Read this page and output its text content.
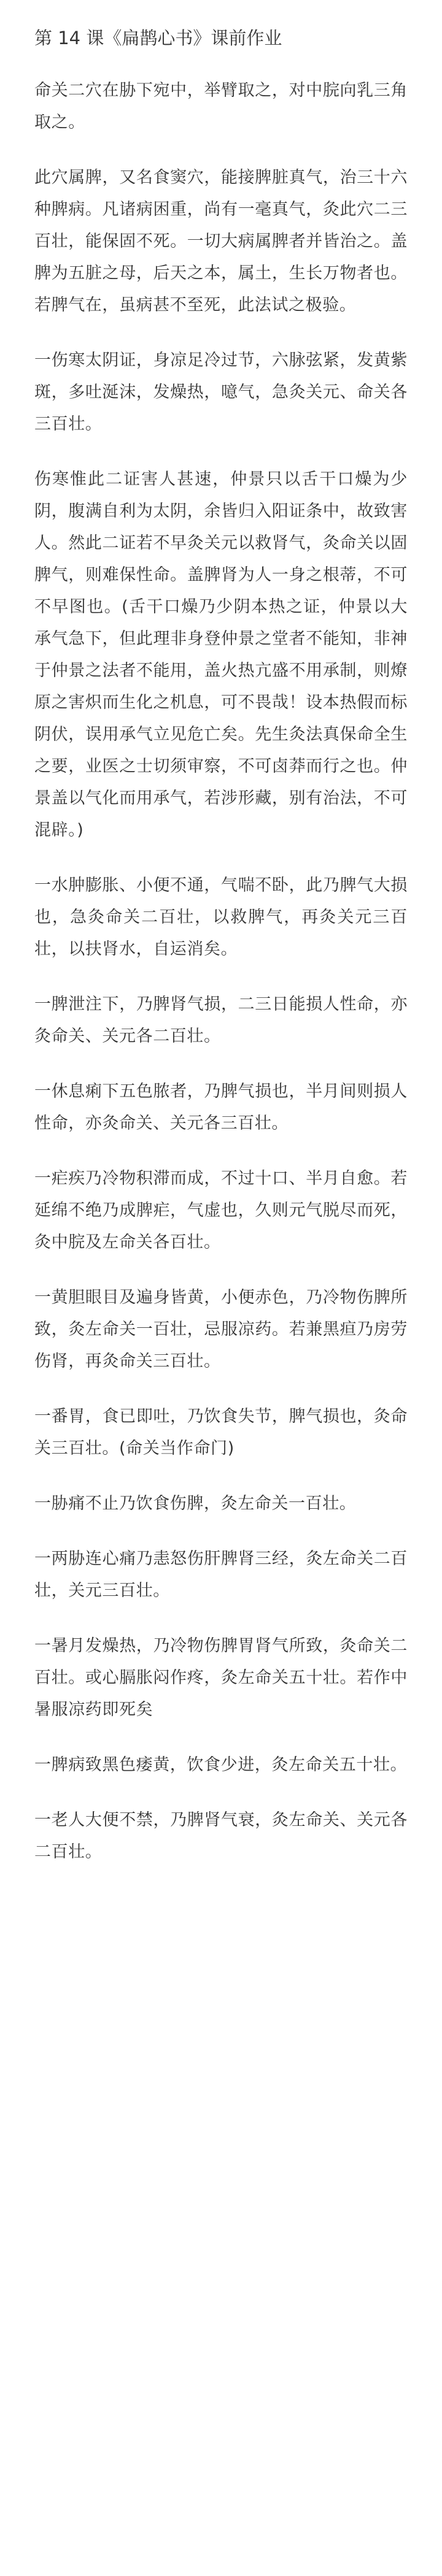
第 14 课《扁鹊心书》课前作业

命关二穴在胁下宛中，举臂取之，对中脘向乳三角取之。

此穴属脾，又名食窦穴，能接脾脏真气，治三十六种脾病。凡诸病困重，尚有一毫真气，灸此穴二三百壮，能保固不死。一切大病属脾者并皆治之。盖脾为五脏之母，后天之本，属土，生长万物者也。若脾气在，虽病甚不至死，此法试之极验。

一伤寒太阴证，身凉足冷过节，六脉弦紧，发黄紫斑，多吐涎沫，发燥热，噫气，急灸关元、命关各三百壮。

伤寒惟此二证害人甚速，仲景只以舌干口燥为少阴，腹满自利为太阴，余皆归入阳证条中，故致害人。然此二证若不早灸关元以救肾气，灸命关以固脾气，则难保性命。盖脾肾为人一身之根蒂，不可不早图也。(舌干口燥乃少阴本热之证，仲景以大承气急下，但此理非身登仲景之堂者不能知，非神于仲景之法者不能用，盖火热亢盛不用承制，则燎原之害炽而生化之机息，可不畏哉！设本热假而标阴伏，误用承气立见危亡矣。先生灸法真保命全生之要，业医之士切须审察，不可卤莽而行之也。仲景盖以气化而用承气，若涉形藏，别有治法，不可混辟。)

一水肿膨胀、小便不通，气喘不卧，此乃脾气大损也，急灸命关二百壮，以救脾气，再灸关元三百壮，以扶肾水，自运消矣。

一脾泄注下，乃脾肾气损，二三日能损人性命，亦灸命关、关元各二百壮。

一休息痢下五色脓者，乃脾气损也，半月间则损人性命，亦灸命关、关元各三百壮。

一疟疾乃冷物积滞而成，不过十口、半月自愈。若延绵不绝乃成脾疟，气虚也，久则元气脱尽而死，灸中脘及左命关各百壮。

一黄胆眼目及遍身皆黄，小便赤色，乃冷物伤脾所致，灸左命关一百壮，忌服凉药。若兼黑疸乃房劳伤肾，再灸命关三百壮。

一番胃，食已即吐，乃饮食失节，脾气损也，灸命关三百壮。(命关当作命门)

一胁痛不止乃饮食伤脾，灸左命关一百壮。

一两胁连心痛乃恚怒伤肝脾肾三经，灸左命关二百壮，关元三百壮。

一暑月发燥热，乃冷物伤脾胃肾气所致，灸命关二百壮。或心膈胀闷作疼，灸左命关五十壮。若作中暑服凉药即死矣

一脾病致黑色痿黄，饮食少进，灸左命关五十壮。

一老人大便不禁，乃脾肾气衰，灸左命关、关元各二百壮。
